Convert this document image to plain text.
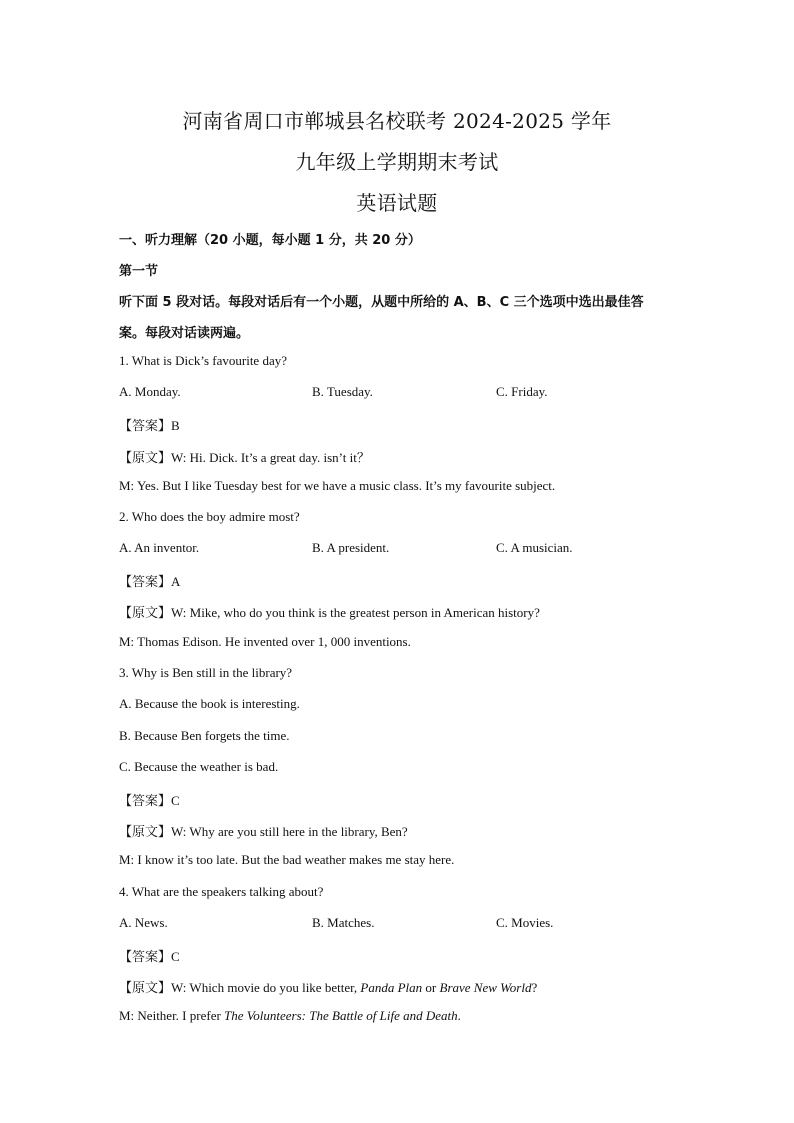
河南省周口市郸城县名校联考 2024-2025 学年
九年级上学期期末考试
英语试题
一、听力理解（20 小题，每小题 1 分，共 20 分）
第一节
听下面 5 段对话。每段对话后有一个小题，从题中所给的 A、B、C 三个选项中选出最佳答
案。每段对话读两遍。
1. What is Dick’s favourite day?
A. Monday.	B. Tuesday.	C. Friday.
【答案】B
【原文】W: Hi. Dick. It’s a great day. isn’t it？
M: Yes. But I like Tuesday best for we have a music class. It’s my favourite subject.
2. Who does the boy admire most?
A. An inventor.	B. A president.	C. A musician.
【答案】A
【原文】W: Mike, who do you think is the greatest person in American history?
M: Thomas Edison. He invented over 1, 000 inventions.
3. Why is Ben still in the library?
A. Because the book is interesting.
B. Because Ben forgets the time.
C. Because the weather is bad.
【答案】C
【原文】W: Why are you still here in the library, Ben?
M: I know it’s too late. But the bad weather makes me stay here.
4. What are the speakers talking about?
A. News.	B. Matches.	C. Movies.
【答案】C
【原文】W: Which movie do you like better, Panda Plan or Brave New World?
M: Neither. I prefer The Volunteers: The Battle of Life and Death.
